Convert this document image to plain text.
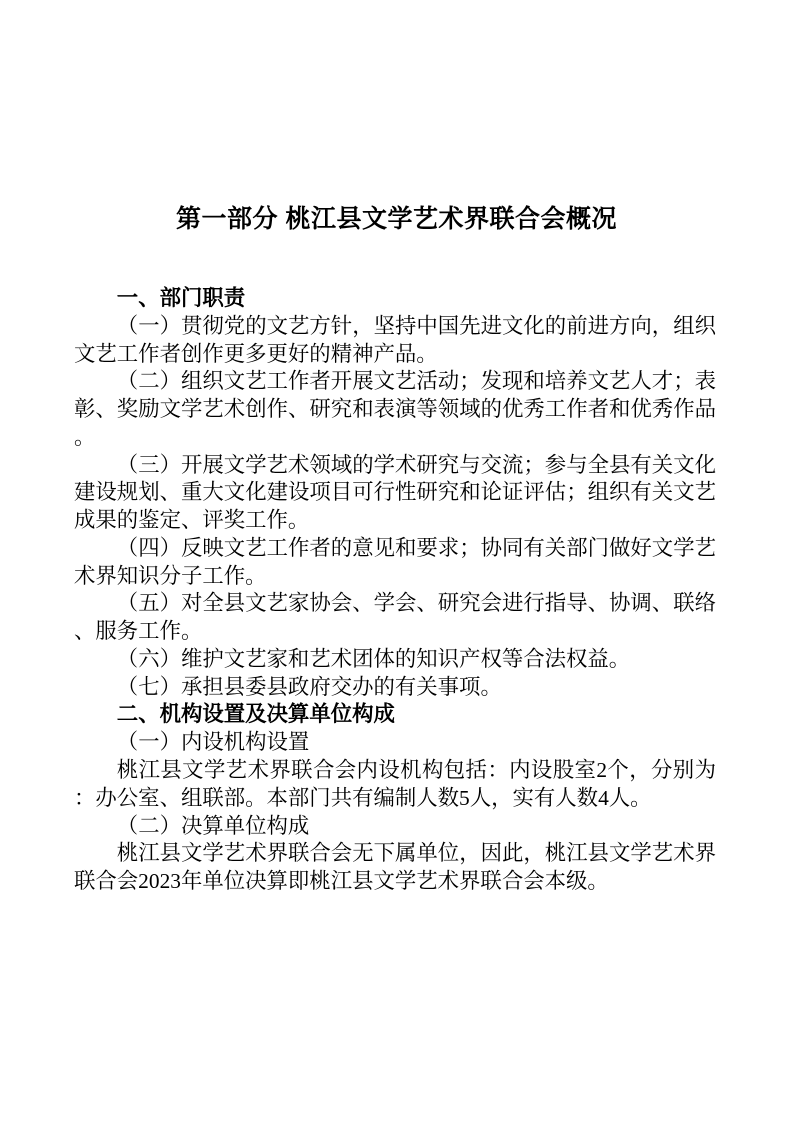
第一部分 桃江县文学艺术界联合会概况
一、部门职责
（一）贯彻党的文艺方针，坚持中国先进文化的前进方向，组织
文艺工作者创作更多更好的精神产品。
（二）组织文艺工作者开展文艺活动；发现和培养文艺人才；表
彰、奖励文学艺术创作、研究和表演等领域的优秀工作者和优秀作品
。
（三）开展文学艺术领域的学术研究与交流；参与全县有关文化
建设规划、重大文化建设项目可行性研究和论证评估；组织有关文艺
成果的鉴定、评奖工作。
（四）反映文艺工作者的意见和要求；协同有关部门做好文学艺
术界知识分子工作。
（五）对全县文艺家协会、学会、研究会进行指导、协调、联络
、服务工作。
（六）维护文艺家和艺术团体的知识产权等合法权益。
（七）承担县委县政府交办的有关事项。
二、机构设置及决算单位构成
（一）内设机构设置
桃江县文学艺术界联合会内设机构包括：内设股室2个，分别为
：办公室、组联部。本部门共有编制人数5人，实有人数4人。
（二）决算单位构成
桃江县文学艺术界联合会无下属单位，因此，桃江县文学艺术界
联合会2023年单位决算即桃江县文学艺术界联合会本级。
